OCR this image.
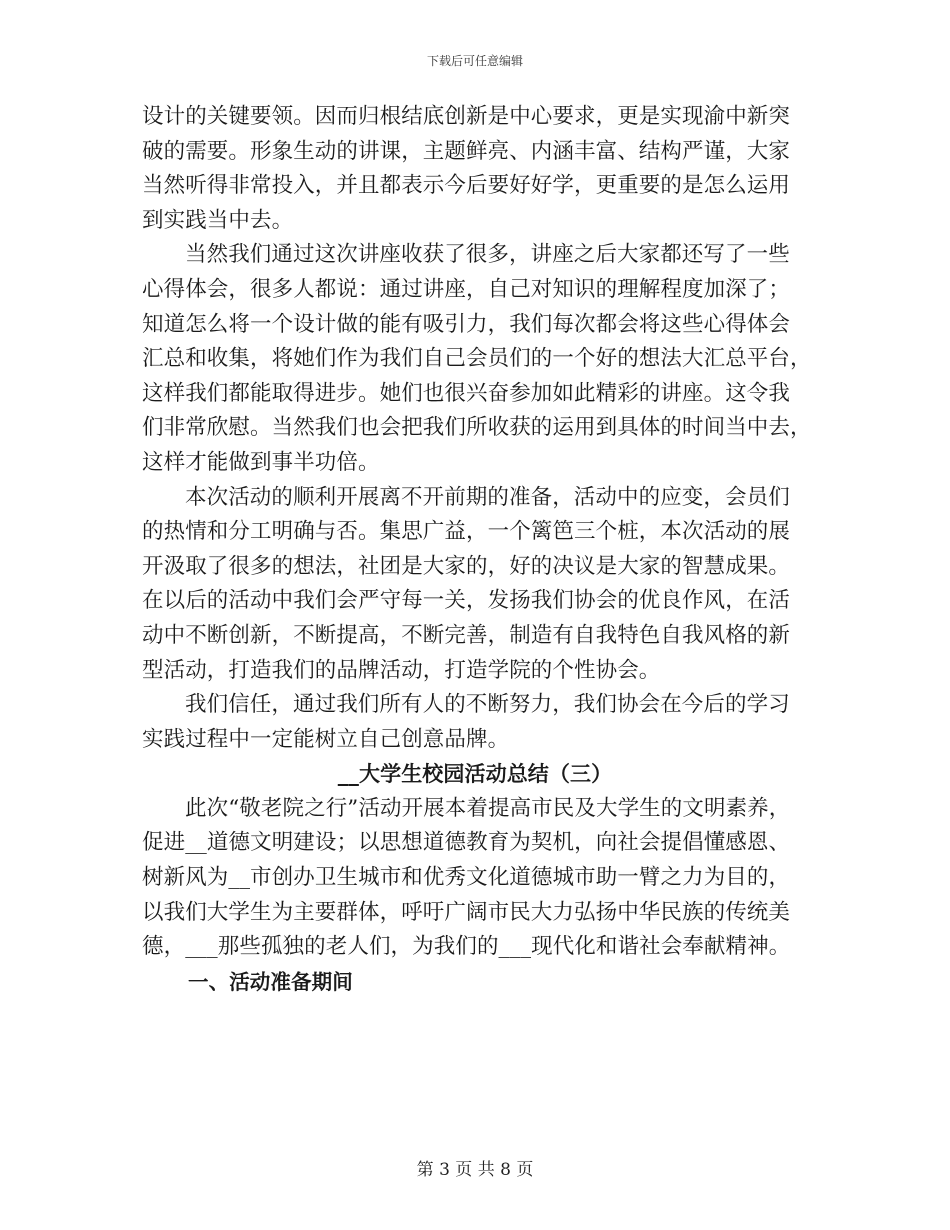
下载后可任意编辑
设计的关键要领。因而归根结底创新是中心要求，更是实现渝中新突
破的需要。形象生动的讲课，主题鲜亮、内涵丰富、结构严谨，大家
当然听得非常投入，并且都表示今后要好好学，更重要的是怎么运用
到实践当中去。
当然我们通过这次讲座收获了很多，讲座之后大家都还写了一些
心得体会，很多人都说：通过讲座，自己对知识的理解程度加深了；
知道怎么将一个设计做的能有吸引力，我们每次都会将这些心得体会
汇总和收集，将她们作为我们自己会员们的一个好的想法大汇总平台，
这样我们都能取得进步。她们也很兴奋参加如此精彩的讲座。这令我
们非常欣慰。当然我们也会把我们所收获的运用到具体的时间当中去，
这样才能做到事半功倍。
本次活动的顺利开展离不开前期的准备，活动中的应变，会员们
的热情和分工明确与否。集思广益，一个篱笆三个桩，本次活动的展
开汲取了很多的想法，社团是大家的，好的决议是大家的智慧成果。
在以后的活动中我们会严守每一关，发扬我们协会的优良作风，在活
动中不断创新，不断提高，不断完善，制造有自我特色自我风格的新
型活动，打造我们的品牌活动，打造学院的个性协会。
我们信任，通过我们所有人的不断努力，我们协会在今后的学习
实践过程中一定能树立自己创意品牌。
__大学生校园活动总结（三）
此次“敬老院之行”活动开展本着提高市民及大学生的文明素养，
促进__道德文明建设；以思想道德教育为契机，向社会提倡懂感恩、
树新风为__市创办卫生城市和优秀文化道德城市助一臂之力为目的，
以我们大学生为主要群体，呼吁广阔市民大力弘扬中华民族的传统美
德，___那些孤独的老人们，为我们的___现代化和谐社会奉献精神。
一、活动准备期间
第 3 页 共 8 页
